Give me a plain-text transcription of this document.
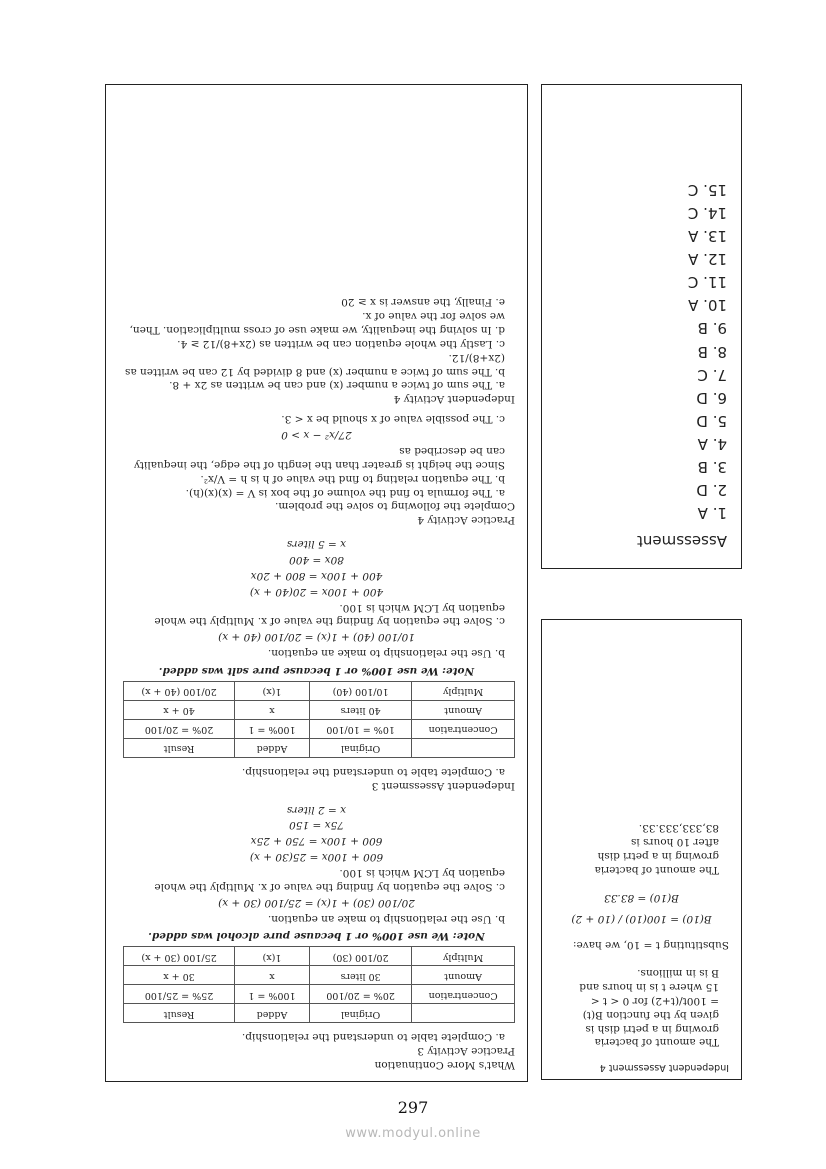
What's More Continuation

Practice Activity 3

a. Complete table to understand the relationship.

	Original	Added	Result
Concentration	20% = 20/100	100% = 1	25% = 25/100
Amount	30 liters	x	30 + x
Multiply	20/100 (30)	1(x)	25/100 (30 + x)

Note: We use 100% or 1 because pure alcohol was added.

b. Use the relationship to make an equation.

20/100 (30) + 1(x) = 25/100 (30 + x)

c. Solve the equation by finding the value of x. Multiply the whole equation by LCM which is 100.

600 + 100x = 25(30 + x)

600 + 100x = 750 + 25x

75x = 150

x = 2 liters

Independent Assessment 3

a. Complete table to understand the relationship.

	Original	Added	Result
Concentration	10% = 10/100	100% = 1	20% = 20/100
Amount	40 liters	x	40 + x
Multiply	10/100 (40)	1(x)	20/100 (40 + x)

Note: We use 100% or 1 because pure salt was added.

b. Use the relationship to make an equation.

10/100 (40) + 1(x) = 20/100 (40 + x)

c. Solve the equation by finding the value of x. Multiply the whole equation by LCM which is 100.

400 + 100x = 20(40 + x)

400 + 100x = 800 + 20x

80x = 400

x = 5 liters

Practice Activity 4

Complete the following to solve the problem.

a. The formula to find the volume of the box is V = (x)(x)(h).

b. The equation relating to find the value of h is h = V/x².

Since the height is greater than the length of the edge, the inequality can be described as

27/x² − x > 0

c. The possible value of x should be x < 3.

Independent Activity 4

a. The sum of twice a number (x) and can be written as 2x + 8.

b. The sum of twice a number (x) and 8 divided by 12 can be written as (2x+8)/12.

c. Lastly the whole equation can be written as (2x+8)/12 ≥ 4.

d. In solving the inequality, we make use of cross multiplication. Then, we solve for the value of x.

e. Finally, the answer is x ≥ 20

Assessment

1. A
2. D
3. B
4. A
5. D
6. D
7. C
8. B
9. B
10. A
11. C
12. A
13. A
14. C
15. C

Independent Assessment 4

The amount of bacteria growing in a petri dish is given by the function B(t) = 100t/(t+2) for 0 < t < 15 where t is in hours and B is in millions.

Substituting t = 10, we have:

B(10) = 100(10) / (10 + 2)

B(10) = 83.33

The amount of bacteria growing in a petri dish after 10 hours is 83,333,333.33.

297
www.modyul.online
